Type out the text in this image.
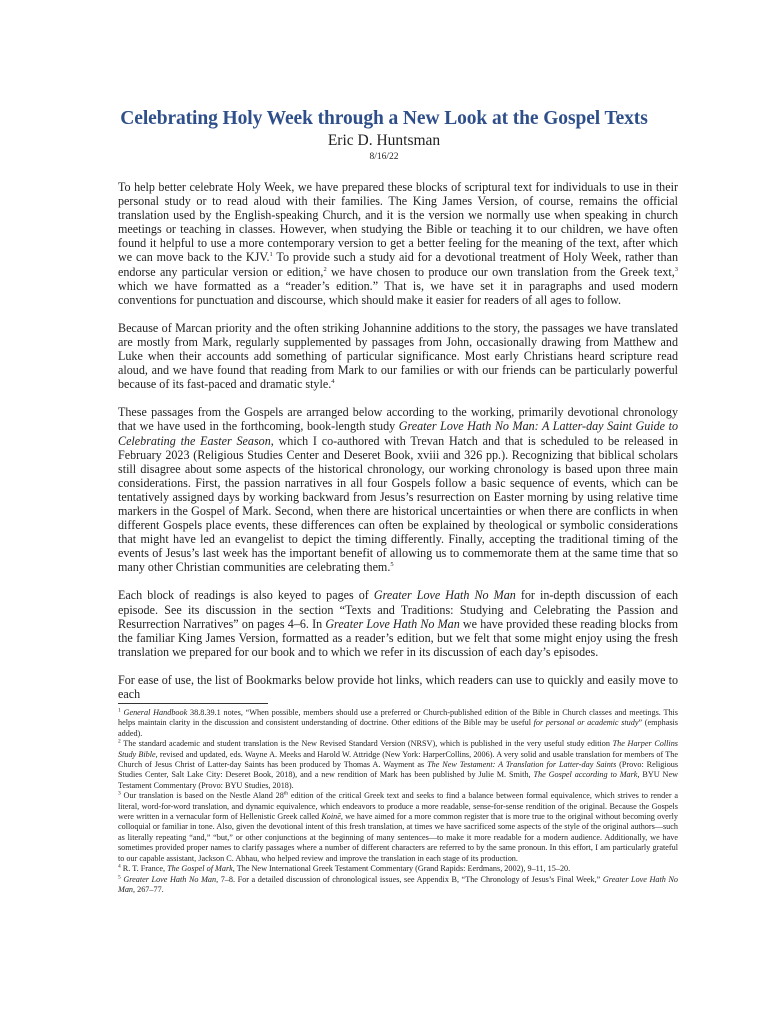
Celebrating Holy Week through a New Look at the Gospel Texts
Eric D. Huntsman
8/16/22

To help better celebrate Holy Week, we have prepared these blocks of scriptural text for individuals to use in their personal study or to read aloud with their families. The King James Version, of course, remains the official translation used by the English-speaking Church, and it is the version we normally use when speaking in church meetings or teaching in classes. However, when studying the Bible or teaching it to our children, we have often found it helpful to use a more contemporary version to get a better feeling for the meaning of the text, after which we can move back to the KJV.$^1$ To provide such a study aid for a devotional treatment of Holy Week, rather than endorse any particular version or edition,$^2$ we have chosen to produce our own translation from the Greek text,$^3$ which we have formatted as a “reader’s edition.” That is, we have set it in paragraphs and used modern conventions for punctuation and discourse, which should make it easier for readers of all ages to follow.

Because of Marcan priority and the often striking Johannine additions to the story, the passages we have translated are mostly from Mark, regularly supplemented by passages from John, occasionally drawing from Matthew and Luke when their accounts add something of particular significance. Most early Christians heard scripture read aloud, and we have found that reading from Mark to our families or with our friends can be particularly powerful because of its fast-paced and dramatic style.$^4$

These passages from the Gospels are arranged below according to the working, primarily devotional chronology that we have used in the forthcoming, book-length study Greater Love Hath No Man: A Latter-day Saint Guide to Celebrating the Easter Season, which I co-authored with Trevan Hatch and that is scheduled to be released in February 2023 (Religious Studies Center and Deseret Book, xviii and 326 pp.). Recognizing that biblical scholars still disagree about some aspects of the historical chronology, our working chronology is based upon three main considerations. First, the passion narratives in all four Gospels follow a basic sequence of events, which can be tentatively assigned days by working backward from Jesus’s resurrection on Easter morning by using relative time markers in the Gospel of Mark. Second, when there are historical uncertainties or when there are conflicts in when different Gospels place events, these differences can often be explained by theological or symbolic considerations that might have led an evangelist to depict the timing differently. Finally, accepting the traditional timing of the events of Jesus’s last week has the important benefit of allowing us to commemorate them at the same time that so many other Christian communities are celebrating them.$^5$

Each block of readings is also keyed to pages of Greater Love Hath No Man for in-depth discussion of each episode. See its discussion in the section “Texts and Traditions: Studying and Celebrating the Passion and Resurrection Narratives” on pages 4–6. In Greater Love Hath No Man we have provided these reading blocks from the familiar King James Version, formatted as a reader’s edition, but we felt that some might enjoy using the fresh translation we prepared for our book and to which we refer in its discussion of each day’s episodes.

For ease of use, the list of Bookmarks below provide hot links, which readers can use to quickly and easily move to each

$^1$ General Handbook 38.8.39.1 notes, “When possible, members should use a preferred or Church-published edition of the Bible in Church classes and meetings. This helps maintain clarity in the discussion and consistent understanding of doctrine. Other editions of the Bible may be useful for personal or academic study” (emphasis added).

$^2$ The standard academic and student translation is the New Revised Standard Version (NRSV), which is published in the very useful study edition The Harper Collins Study Bible, revised and updated, eds. Wayne A. Meeks and Harold W. Attridge (New York: HarperCollins, 2006). A very solid and usable translation for members of The Church of Jesus Christ of Latter-day Saints has been produced by Thomas A. Wayment as The New Testament: A Translation for Latter-day Saints (Provo: Religious Studies Center, Salt Lake City: Deseret Book, 2018), and a new rendition of Mark has been published by Julie M. Smith, The Gospel according to Mark, BYU New Testament Commentary (Provo: BYU Studies, 2018).

$^3$ Our translation is based on the Nestle Aland 28th edition of the critical Greek text and seeks to find a balance between formal equivalence, which strives to render a literal, word-for-word translation, and dynamic equivalence, which endeavors to produce a more readable, sense-for-sense rendition of the original. Because the Gospels were written in a vernacular form of Hellenistic Greek called Koinē, we have aimed for a more common register that is more true to the original without becoming overly colloquial or familiar in tone. Also, given the devotional intent of this fresh translation, at times we have sacrificed some aspects of the style of the original authors—such as literally repeating “and,” “but,” or other conjunctions at the beginning of many sentences—to make it more readable for a modern audience. Additionally, we have sometimes provided proper names to clarify passages where a number of different characters are referred to by the same pronoun. In this effort, I am particularly grateful to our capable assistant, Jackson C. Abhau, who helped review and improve the translation in each stage of its production.

$^4$ R. T. France, The Gospel of Mark, The New International Greek Testament Commentary (Grand Rapids: Eerdmans, 2002), 9–11, 15–20.

$^5$ Greater Love Hath No Man, 7–8. For a detailed discussion of chronological issues, see Appendix B, “The Chronology of Jesus’s Final Week,” Greater Love Hath No Man, 267–77.
